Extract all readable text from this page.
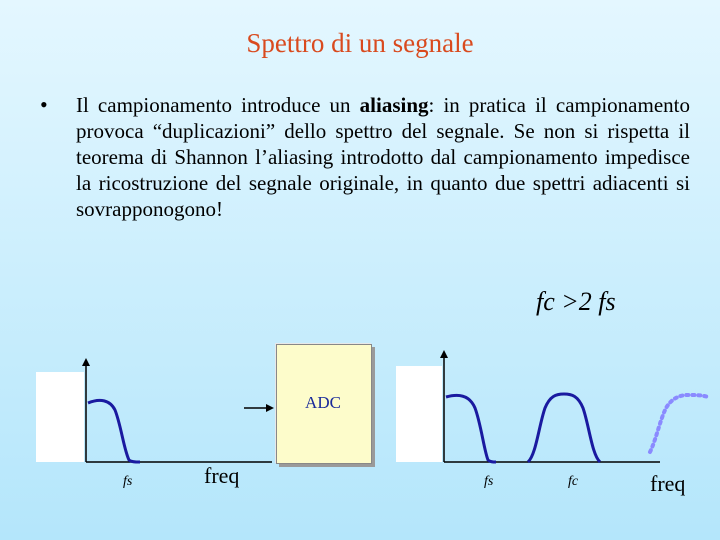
Spettro di un segnale
• Il campionamento introduce un aliasing: in pratica il campionamento provoca “duplicazioni” dello spettro del segnale. Se non si rispetta il teorema di Shannon l’aliasing introdotto dal campionamento impedisce la ricostruzione del segnale originale, in quanto due spettri adiacenti si sovrapponogono!
fc >2 fs
ADC
fs	freq	fs	fc	freq
